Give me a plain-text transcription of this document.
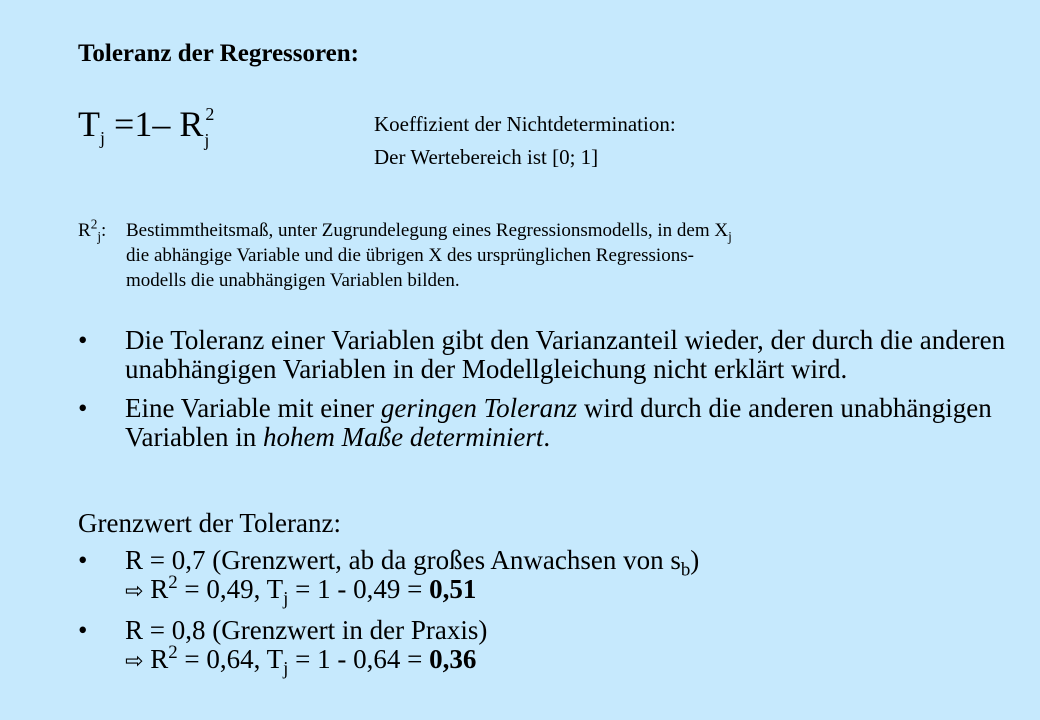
Toleranz der Regressoren:
$T_j =1-$ R $^2_j$
Koeffizient der Nichtdetermination:
Der Wertebereich ist [0; 1]
$R^2_j$: Bestimmtheitsmaß, unter Zugrundelegung eines Regressionsmodells, in dem $X_j$
die abhängige Variable und die übrigen X des ursprünglichen Regressions-
modells die unabhängigen Variablen bilden.
• Die Toleranz einer Variablen gibt den Varianzanteil wieder, der durch die anderen unabhängigen Variablen in der Modellgleichung nicht erklärt wird.
• Eine Variable mit einer geringen Toleranz wird durch die anderen unabhängigen Variablen in hohem Maße determiniert.
Grenzwert der Toleranz:
• R = 0,7 (Grenzwert, ab da großes Anwachsen von $s_b$)
⇨ $R^2 = 0,49$, $T_j = 1 - 0,49 = 0,51$
• R = 0,8 (Grenzwert in der Praxis)
⇨ $R^2 = 0,64$, $T_j = 1 - 0,64 = 0,36$
